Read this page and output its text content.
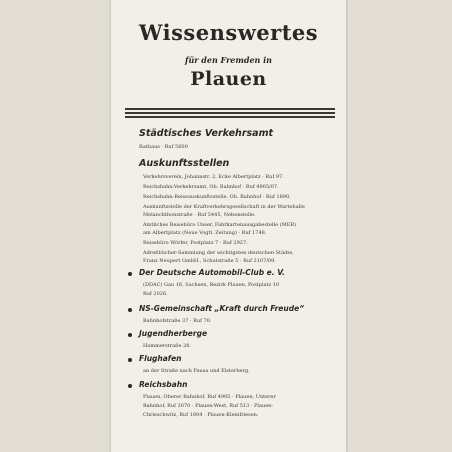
Wissenswertes
für den Fremden in
Plauen
Städtisches Verkehrsamt
Rathaus · Ruf 5600
Auskunftsstellen
Verkehrsverein, Johannstr. 2, Ecke Albertplatz · Ruf 97.
Reichsbahn-Verkehrsamt, Ob. Bahnhof · Ruf 4905/07.
Reichsbahn-Reiseauskunftsstelle, Ob. Bahnhof · Ruf 1890.
Auskunftsstelle der Kraftverkehrsgesellschaft in der Wartehalle
Melanchthonstraße · Ruf 5445, Nebenstelle.
Amtliches Reisebüro Unser, Fahrkartenausgabestelle (MER)
am Albertplatz (Neue Vogtl. Zeitung) · Ruf 1748.
Reisebüro Wörfer, Postplatz 7 · Ruf 2927.
Adreßbücher-Sammlung der wichtigsten deutschen Städte,
Franz Neupert GmbH., Schulstraße 5 · Ruf 2107/09.
Der Deutsche Automobil-Club e. V.
(DDAC) Gau 16, Sachsen, Bezirk Plauen, Postplatz 10
Ruf 2026.
NS-Gemeinschaft „Kraft durch Freude“
Bahnhofstraße 37 · Ruf 70.
Jugendherberge
Hammerstraße 28.
Flughafen
an der Straße nach Pausa und Elsterberg.
Reichsbahn
Plauen, Oberer Bahnhof, Ruf 4905 · Plauen, Unterer
Bahnhof, Ruf 2070 · Plauen-West, Ruf 513 · Plauen-
Chrieschwitz, Ruf 1804 · Plauen-Kleinfriesen.
